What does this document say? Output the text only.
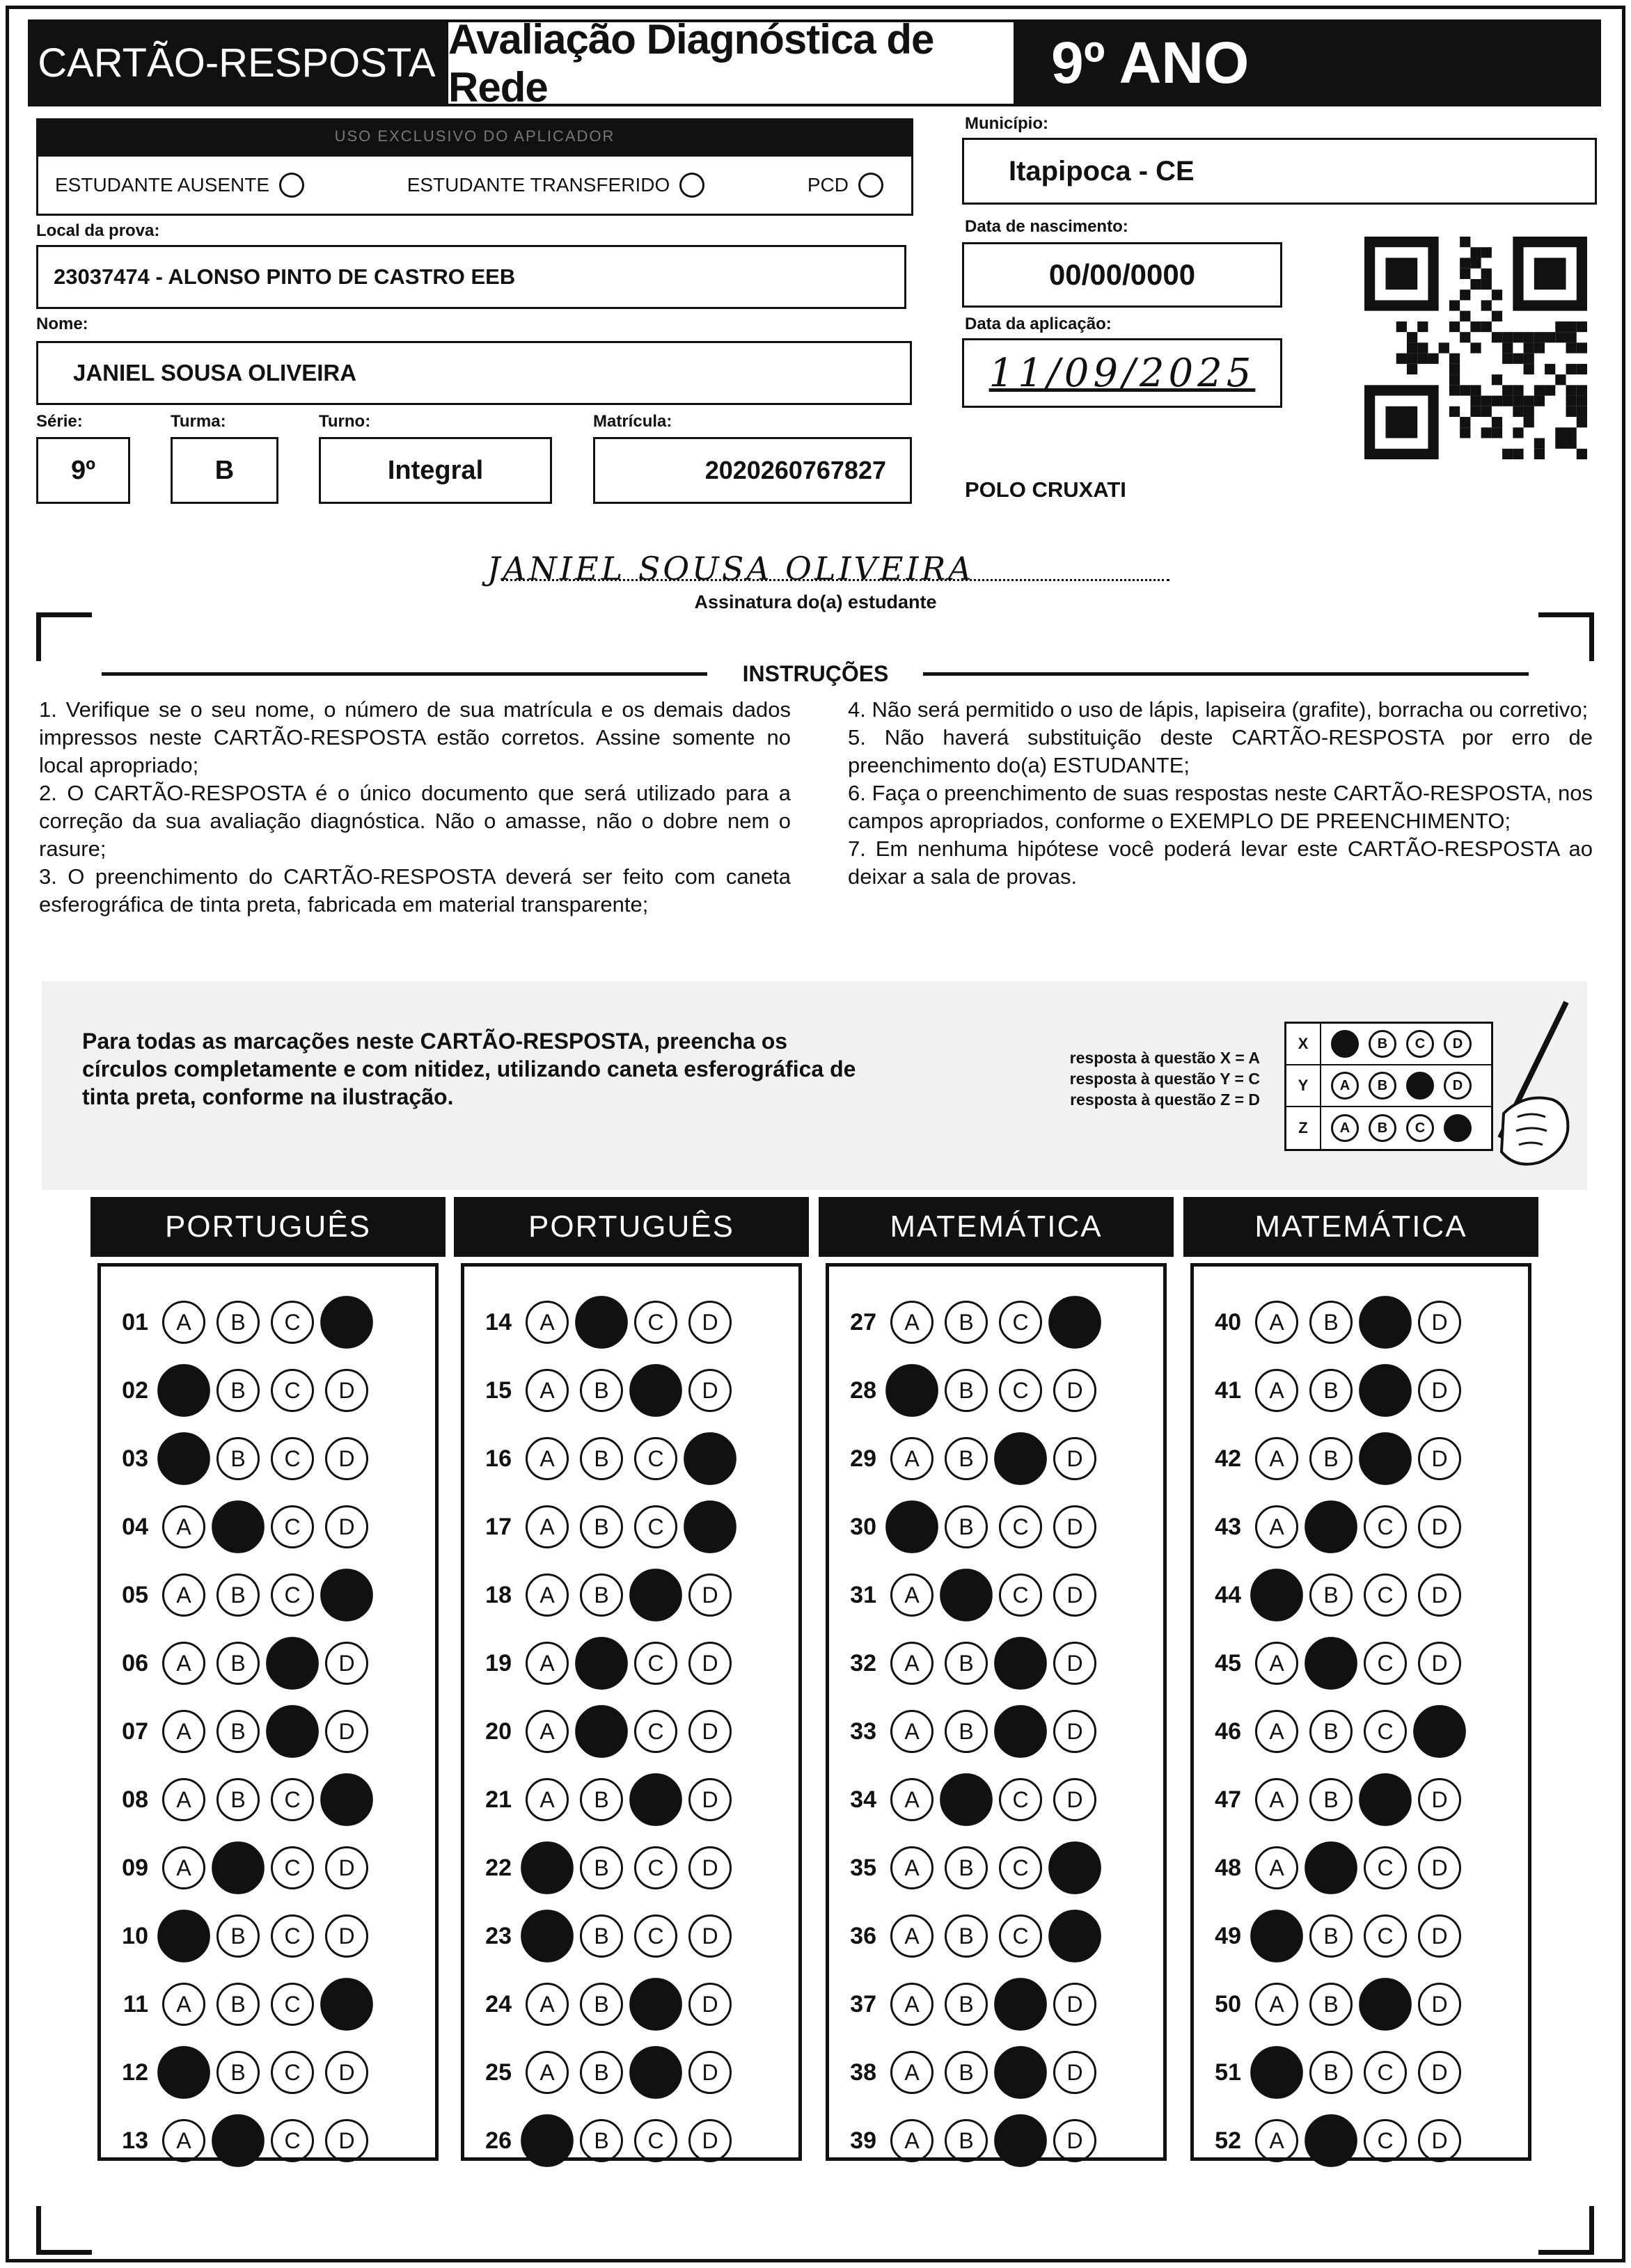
CARTÃO-RESPOSTA
Avaliação Diagnóstica de Rede	9º ANO
USO EXCLUSIVO DO APLICADOR
ESTUDANTE AUSENTE	ESTUDANTE TRANSFERIDO	PCD
Local da prova:
23037474 - ALONSO PINTO DE CASTRO EEB
Nome:
JANIEL SOUSA OLIVEIRA
Série:
9º
Turma:
B
Turno:
Integral
Matrícula:
2020260767827
Município:
Itapipoca - CE
Data de nascimento:
00/00/0000
Data da aplicação:
11/09/2025
POLO CRUXATI
JANIEL SOUSA OLIVEIRA
Assinatura do(a) estudante
INSTRUÇÕES

1. Verifique se o seu nome, o número de sua matrícula e os demais dados impressos neste CARTÃO-RESPOSTA estão corretos. Assine somente no local apropriado;

2. O CARTÃO-RESPOSTA é o único documento que será utilizado para a correção da sua avaliação diagnóstica. Não o amasse, não o dobre nem o rasure;

3. O preenchimento do CARTÃO-RESPOSTA deverá ser feito com caneta esferográfica de tinta preta, fabricada em material transparente;

4. Não será permitido o uso de lápis, lapiseira (grafite), borracha ou corretivo;

5. Não haverá substituição deste CARTÃO-RESPOSTA por erro de preenchimento do(a) ESTUDANTE;

6. Faça o preenchimento de suas respostas neste CARTÃO-RESPOSTA, nos campos apropriados, conforme o EXEMPLO DE PREENCHIMENTO;

7. Em nenhuma hipótese você poderá levar este CARTÃO-RESPOSTA ao deixar a sala de provas.

Para todas as marcações neste CARTÃO-RESPOSTA, preencha os círculos completamente e com nitidez, utilizando caneta esferográfica de tinta preta, conforme na ilustração.
resposta à questão X = A
resposta à questão Y = C
resposta à questão Z = D
X	A	B	C	D
Y	A	B	C	D
Z	A	B	C	D
PORTUGUÊS
01	A	B	C	D
02	A	B	C	D
03	A	B	C	D
04	A	B	C	D
05	A	B	C	D
06	A	B	C	D
07	A	B	C	D
08	A	B	C	D
09	A	B	C	D
10	A	B	C	D
11	A	B	C	D
12	A	B	C	D
13	A	B	C	D
PORTUGUÊS
14	A	B	C	D
15	A	B	C	D
16	A	B	C	D
17	A	B	C	D
18	A	B	C	D
19	A	B	C	D
20	A	B	C	D
21	A	B	C	D
22	A	B	C	D
23	A	B	C	D
24	A	B	C	D
25	A	B	C	D
26	A	B	C	D
MATEMÁTICA
27	A	B	C	D
28	A	B	C	D
29	A	B	C	D
30	A	B	C	D
31	A	B	C	D
32	A	B	C	D
33	A	B	C	D
34	A	B	C	D
35	A	B	C	D
36	A	B	C	D
37	A	B	C	D
38	A	B	C	D
39	A	B	C	D
MATEMÁTICA
40	A	B	C	D
41	A	B	C	D
42	A	B	C	D
43	A	B	C	D
44	A	B	C	D
45	A	B	C	D
46	A	B	C	D
47	A	B	C	D
48	A	B	C	D
49	A	B	C	D
50	A	B	C	D
51	A	B	C	D
52	A	B	C	D
